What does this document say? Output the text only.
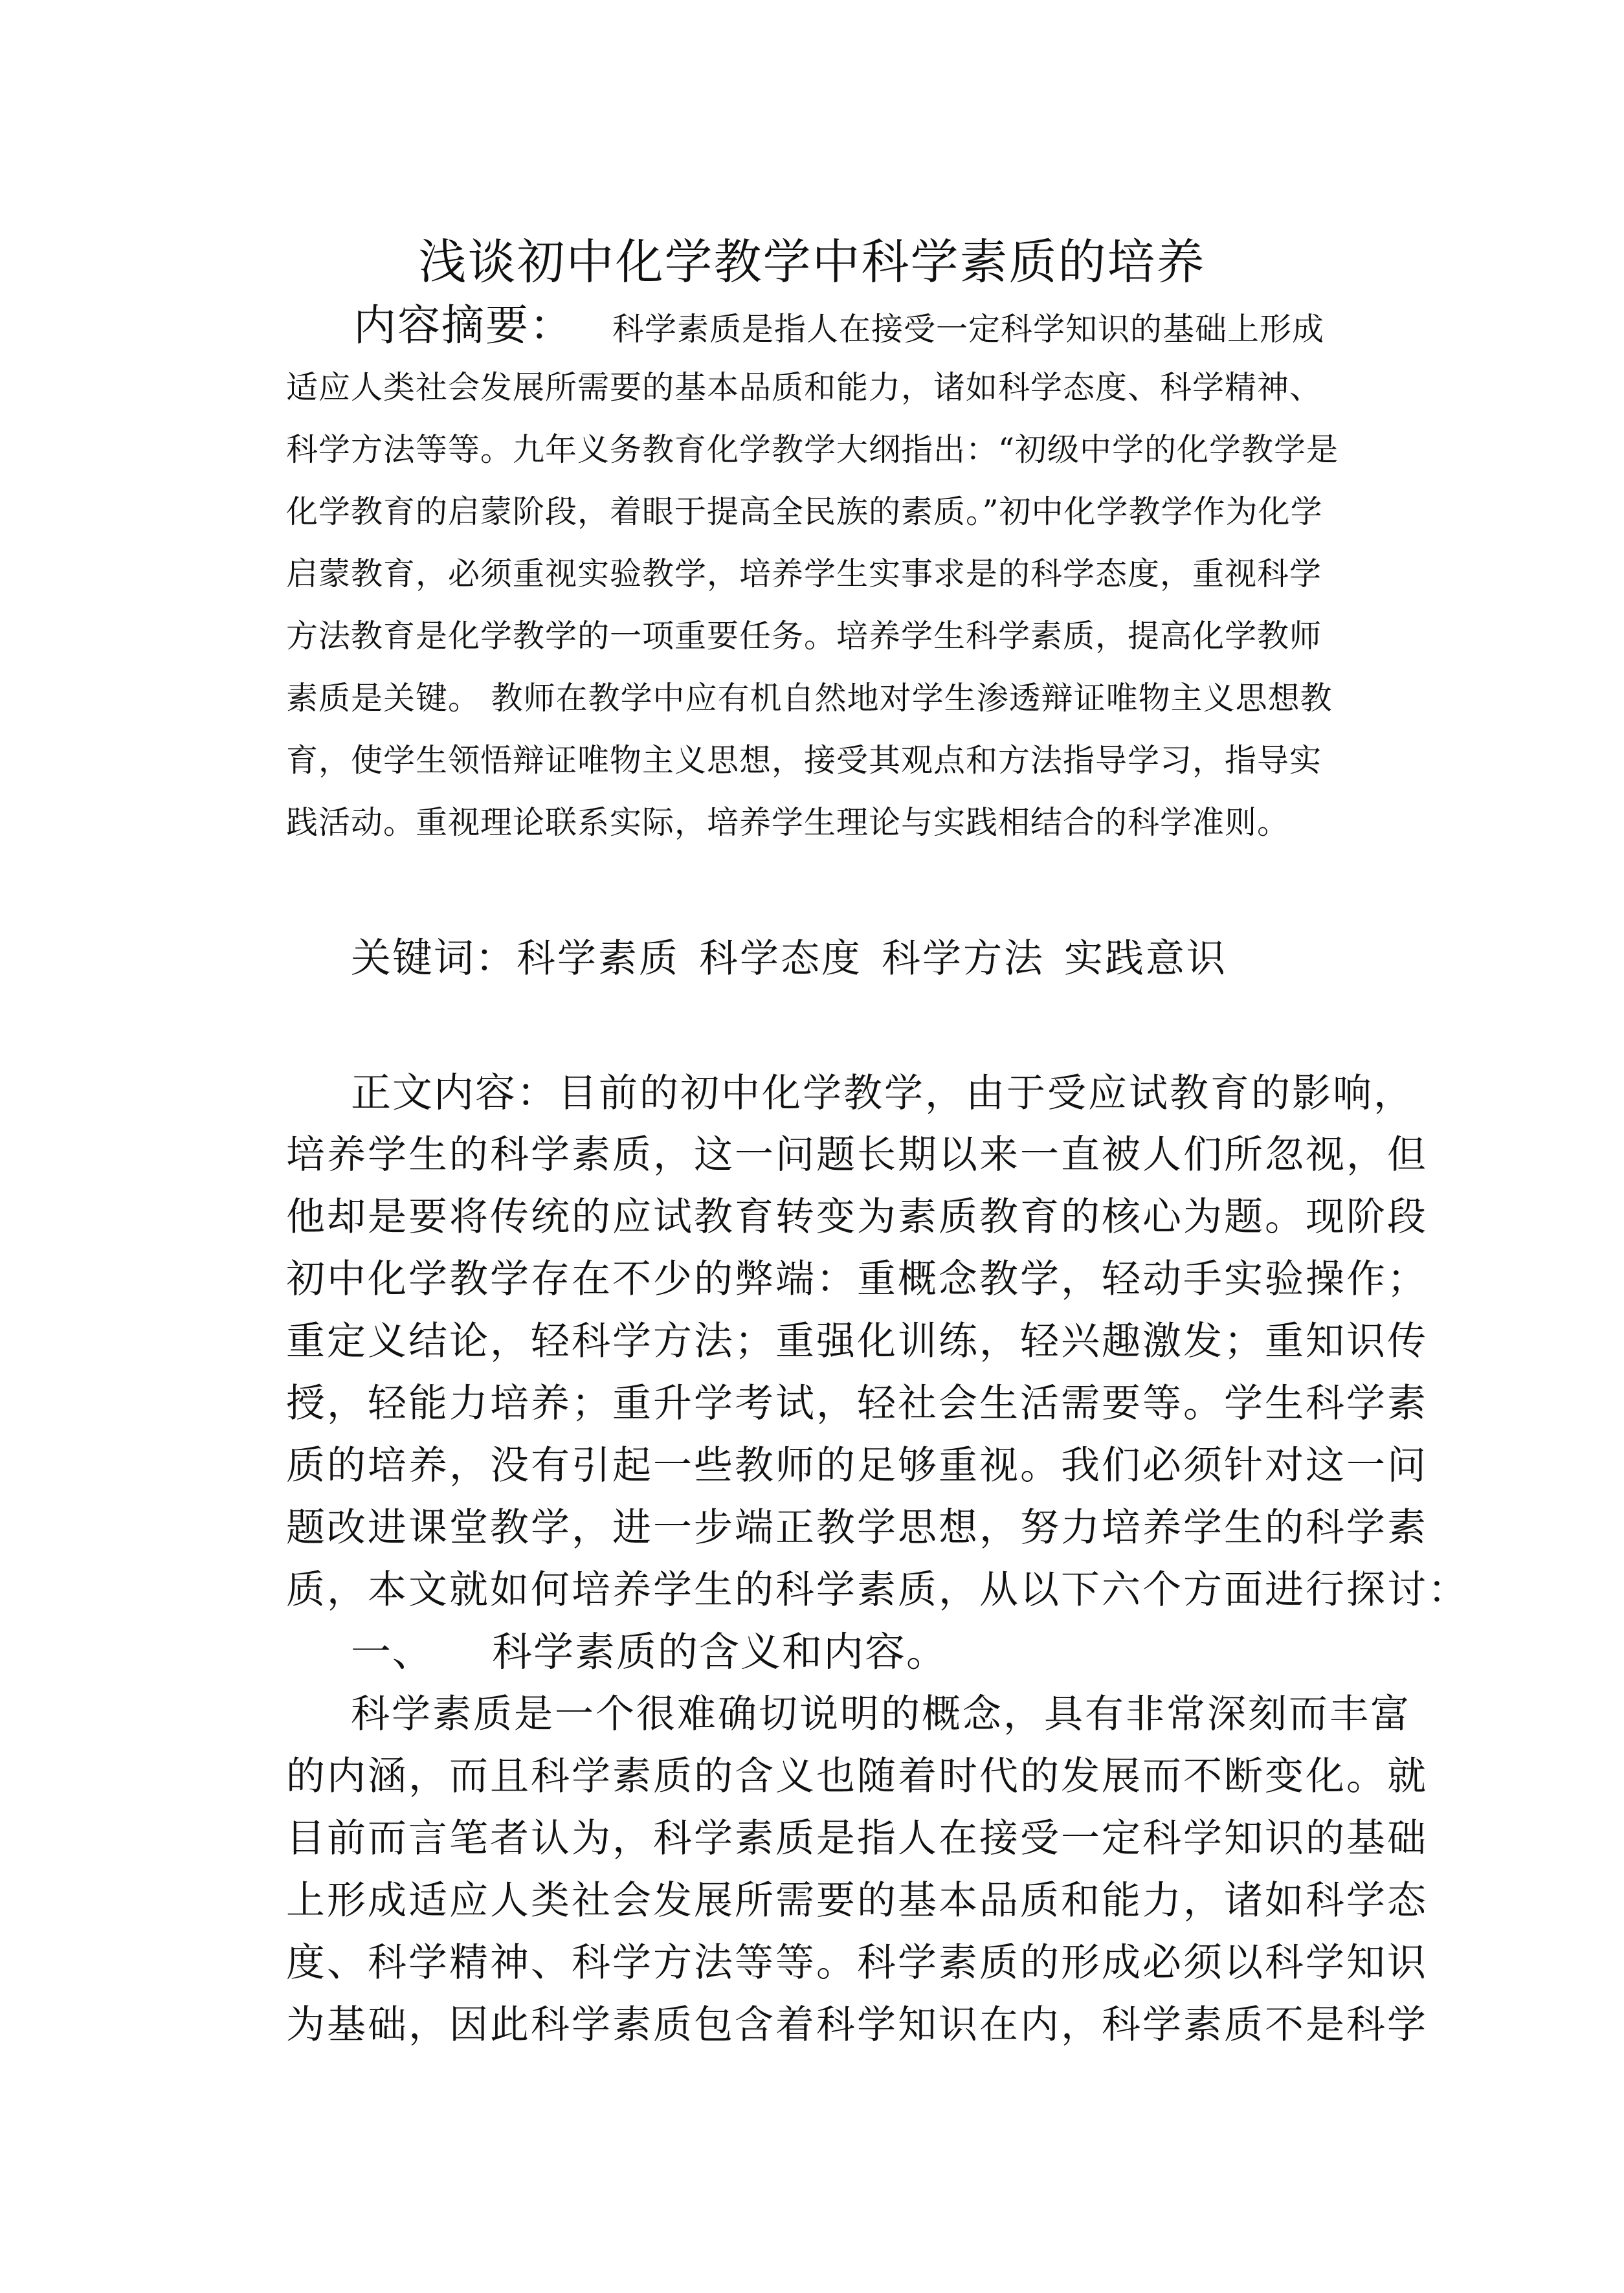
浅谈初中化学教学中科学素质的培养
内容摘要： 科学素质是指人在接受一定科学知识的基础上形成
适应人类社会发展所需要的基本品质和能力，诸如科学态度、科学精神、
科学方法等等。九年义务教育化学教学大纲指出：“初级中学的化学教学是
化学教育的启蒙阶段，着眼于提高全民族的素质。”初中化学教学作为化学
启蒙教育，必须重视实验教学，培养学生实事求是的科学态度，重视科学
方法教育是化学教学的一项重要任务。培养学生科学素质，提高化学教师
素质是关键。 教师在教学中应有机自然地对学生渗透辩证唯物主义思想教
育，使学生领悟辩证唯物主义思想，接受其观点和方法指导学习，指导实
践活动。重视理论联系实际，培养学生理论与实践相结合的科学准则。
关键词：科学素质 科学态度 科学方法 实践意识
正文内容：目前的初中化学教学，由于受应试教育的影响，
培养学生的科学素质，这一问题长期以来一直被人们所忽视，但
他却是要将传统的应试教育转变为素质教育的核心为题。现阶段
初中化学教学存在不少的弊端：重概念教学，轻动手实验操作；
重定义结论，轻科学方法；重强化训练，轻兴趣激发；重知识传
授，轻能力培养；重升学考试，轻社会生活需要等。学生科学素
质的培养，没有引起一些教师的足够重视。我们必须针对这一问
题改进课堂教学，进一步端正教学思想，努力培养学生的科学素
质，本文就如何培养学生的科学素质，从以下六个方面进行探讨：
一、 科学素质的含义和内容。
科学素质是一个很难确切说明的概念，具有非常深刻而丰富
的内涵，而且科学素质的含义也随着时代的发展而不断变化。就
目前而言笔者认为，科学素质是指人在接受一定科学知识的基础
上形成适应人类社会发展所需要的基本品质和能力，诸如科学态
度、科学精神、科学方法等等。科学素质的形成必须以科学知识
为基础，因此科学素质包含着科学知识在内，科学素质不是科学
